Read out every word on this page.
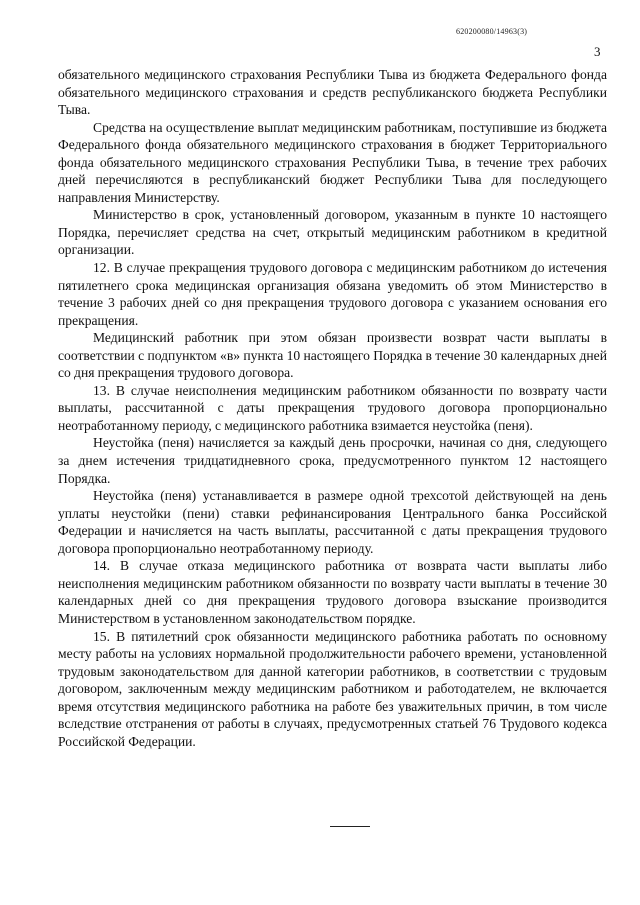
620200080/14963(3)
3

обязательного медицинского страхования Республики Тыва из бюджета Федерального фонда обязательного медицинского страхования и средств республиканского бюджета Республики Тыва.

Средства на осуществление выплат медицинским работникам, поступившие из бюджета Федерального фонда обязательного медицинского страхования в бюджет Территориального фонда обязательного медицинского страхования Республики Тыва, в течение трех рабочих дней перечисляются в республиканский бюджет Республики Тыва для последующего направления Министерству.

Министерство в срок, установленный договором, указанным в пункте 10 настоящего Порядка, перечисляет средства на счет, открытый медицинским работником в кредитной организации.

12. В случае прекращения трудового договора с медицинским работником до истечения пятилетнего срока медицинская организация обязана уведомить об этом Министерство в течение 3 рабочих дней со дня прекращения трудового договора с указанием основания его прекращения.

Медицинский работник при этом обязан произвести возврат части выплаты в соответствии с подпунктом «в» пункта 10 настоящего Порядка в течение 30 календарных дней со дня прекращения трудового договора.

13. В случае неисполнения медицинским работником обязанности по возврату части выплаты, рассчитанной с даты прекращения трудового договора пропорционально неотработанному периоду, с медицинского работника взимается неустойка (пеня).

Неустойка (пеня) начисляется за каждый день просрочки, начиная со дня, следующего за днем истечения тридцатидневного срока, предусмотренного пунктом 12 настоящего Порядка.

Неустойка (пеня) устанавливается в размере одной трехсотой действующей на день уплаты неустойки (пени) ставки рефинансирования Центрального банка Российской Федерации и начисляется на часть выплаты, рассчитанной с даты прекращения трудового договора пропорционально неотработанному периоду.

14. В случае отказа медицинского работника от возврата части выплаты либо неисполнения медицинским работником обязанности по возврату части выплаты в течение 30 календарных дней со дня прекращения трудового договора взыскание производится Министерством в установленном законодательством порядке.

15. В пятилетний срок обязанности медицинского работника работать по основному месту работы на условиях нормальной продолжительности рабочего времени, установленной трудовым законодательством для данной категории работников, в соответствии с трудовым договором, заключенным между медицинским работником и работодателем, не включается время отсутствия медицинского работника на работе без уважительных причин, в том числе вследствие отстранения от работы в случаях, предусмотренных статьей 76 Трудового кодекса Российской Федерации.
